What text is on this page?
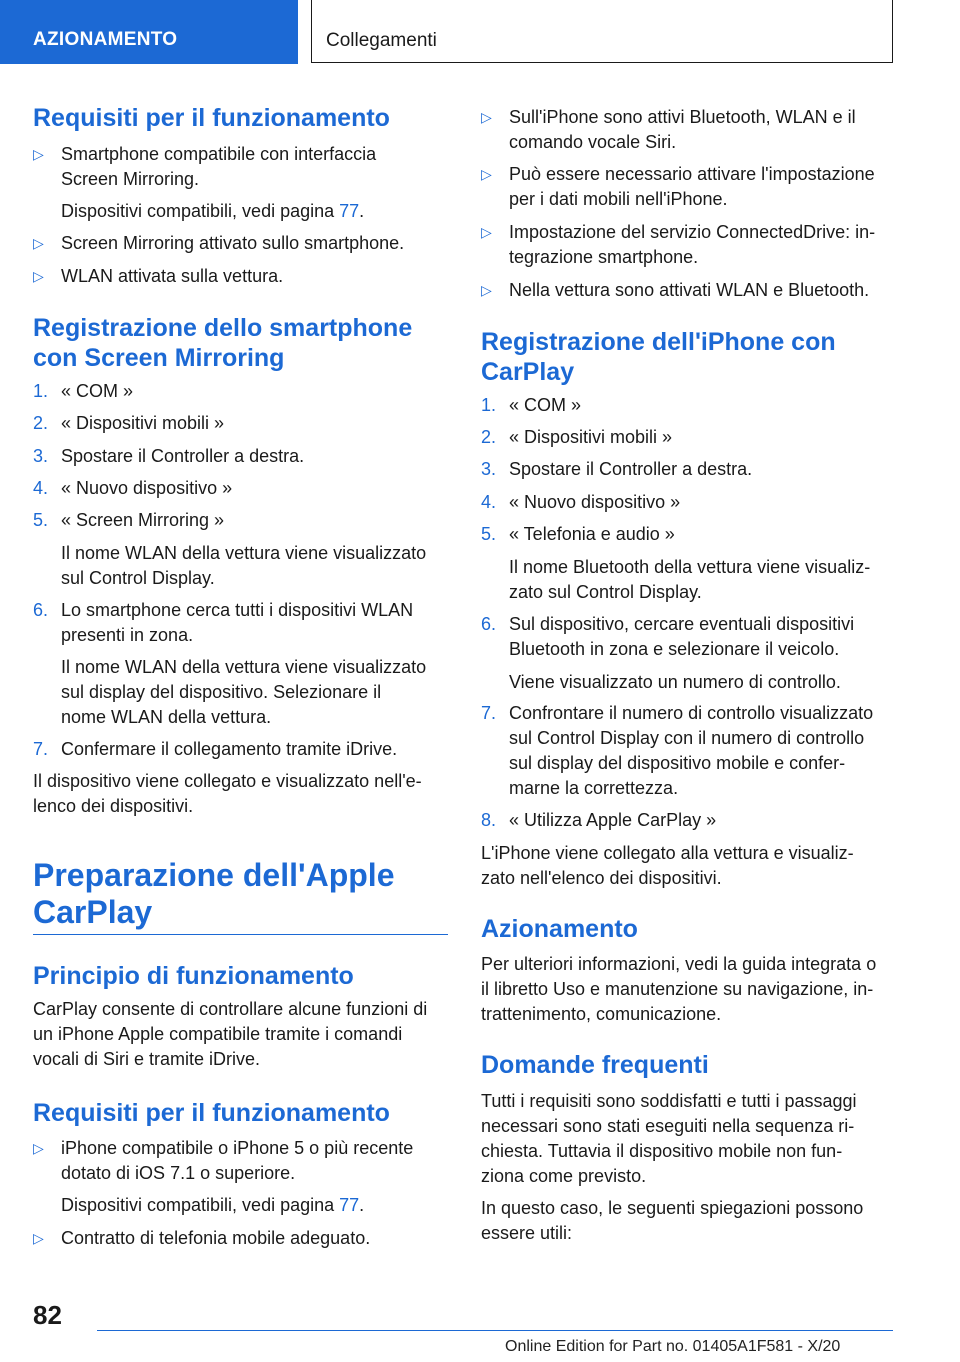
AZIONAMENTO	Collegamenti
Requisiti per il funzionamento
▷ Smartphone compatibile con interfaccia
Screen Mirroring.
Dispositivi compatibili, vedi pagina 77.
▷ Screen Mirroring attivato sullo smartphone.
▷ WLAN attivata sulla vettura.
Registrazione dello smartphone
con Screen Mirroring
1. « COM »
2. « Dispositivi mobili »
3. Spostare il Controller a destra.
4. « Nuovo dispositivo »
5. « Screen Mirroring »
Il nome WLAN della vettura viene visualizzato
sul Control Display.
6. Lo smartphone cerca tutti i dispositivi WLAN
presenti in zona.
Il nome WLAN della vettura viene visualizzato
sul display del dispositivo. Selezionare il
nome WLAN della vettura.
7. Confermare il collegamento tramite iDrive.
Il dispositivo viene collegato e visualizzato nell'e‐
lenco dei dispositivi.
Preparazione dell'Apple
CarPlay
Principio di funzionamento
CarPlay consente di controllare alcune funzioni di
un iPhone Apple compatibile tramite i comandi
vocali di Siri e tramite iDrive.
Requisiti per il funzionamento
▷ iPhone compatibile o iPhone 5 o più recente
dotato di iOS 7.1 o superiore.
Dispositivi compatibili, vedi pagina 77.
▷ Contratto di telefonia mobile adeguato.
▷ Sull'iPhone sono attivi Bluetooth, WLAN e il
comando vocale Siri.
▷ Può essere necessario attivare l'impostazione
per i dati mobili nell'iPhone.
▷ Impostazione del servizio ConnectedDrive: in‐
tegrazione smartphone.
▷ Nella vettura sono attivati WLAN e Bluetooth.
Registrazione dell'iPhone con
CarPlay
1. « COM »
2. « Dispositivi mobili »
3. Spostare il Controller a destra.
4. « Nuovo dispositivo »
5. « Telefonia e audio »
Il nome Bluetooth della vettura viene visualiz‐
zato sul Control Display.
6. Sul dispositivo, cercare eventuali dispositivi
Bluetooth in zona e selezionare il veicolo.
Viene visualizzato un numero di controllo.
7. Confrontare il numero di controllo visualizzato
sul Control Display con il numero di controllo
sul display del dispositivo mobile e confer‐
marne la correttezza.
8. « Utilizza Apple CarPlay »
L'iPhone viene collegato alla vettura e visualiz‐
zato nell'elenco dei dispositivi.
Azionamento
Per ulteriori informazioni, vedi la guida integrata o
il libretto Uso e manutenzione su navigazione, in‐
trattenimento, comunicazione.
Domande frequenti
Tutti i requisiti sono soddisfatti e tutti i passaggi
necessari sono stati eseguiti nella sequenza ri‐
chiesta. Tuttavia il dispositivo mobile non fun‐
ziona come previsto.
In questo caso, le seguenti spiegazioni possono
essere utili:
82
Online Edition for Part no. 01405A1F581 - X/20
